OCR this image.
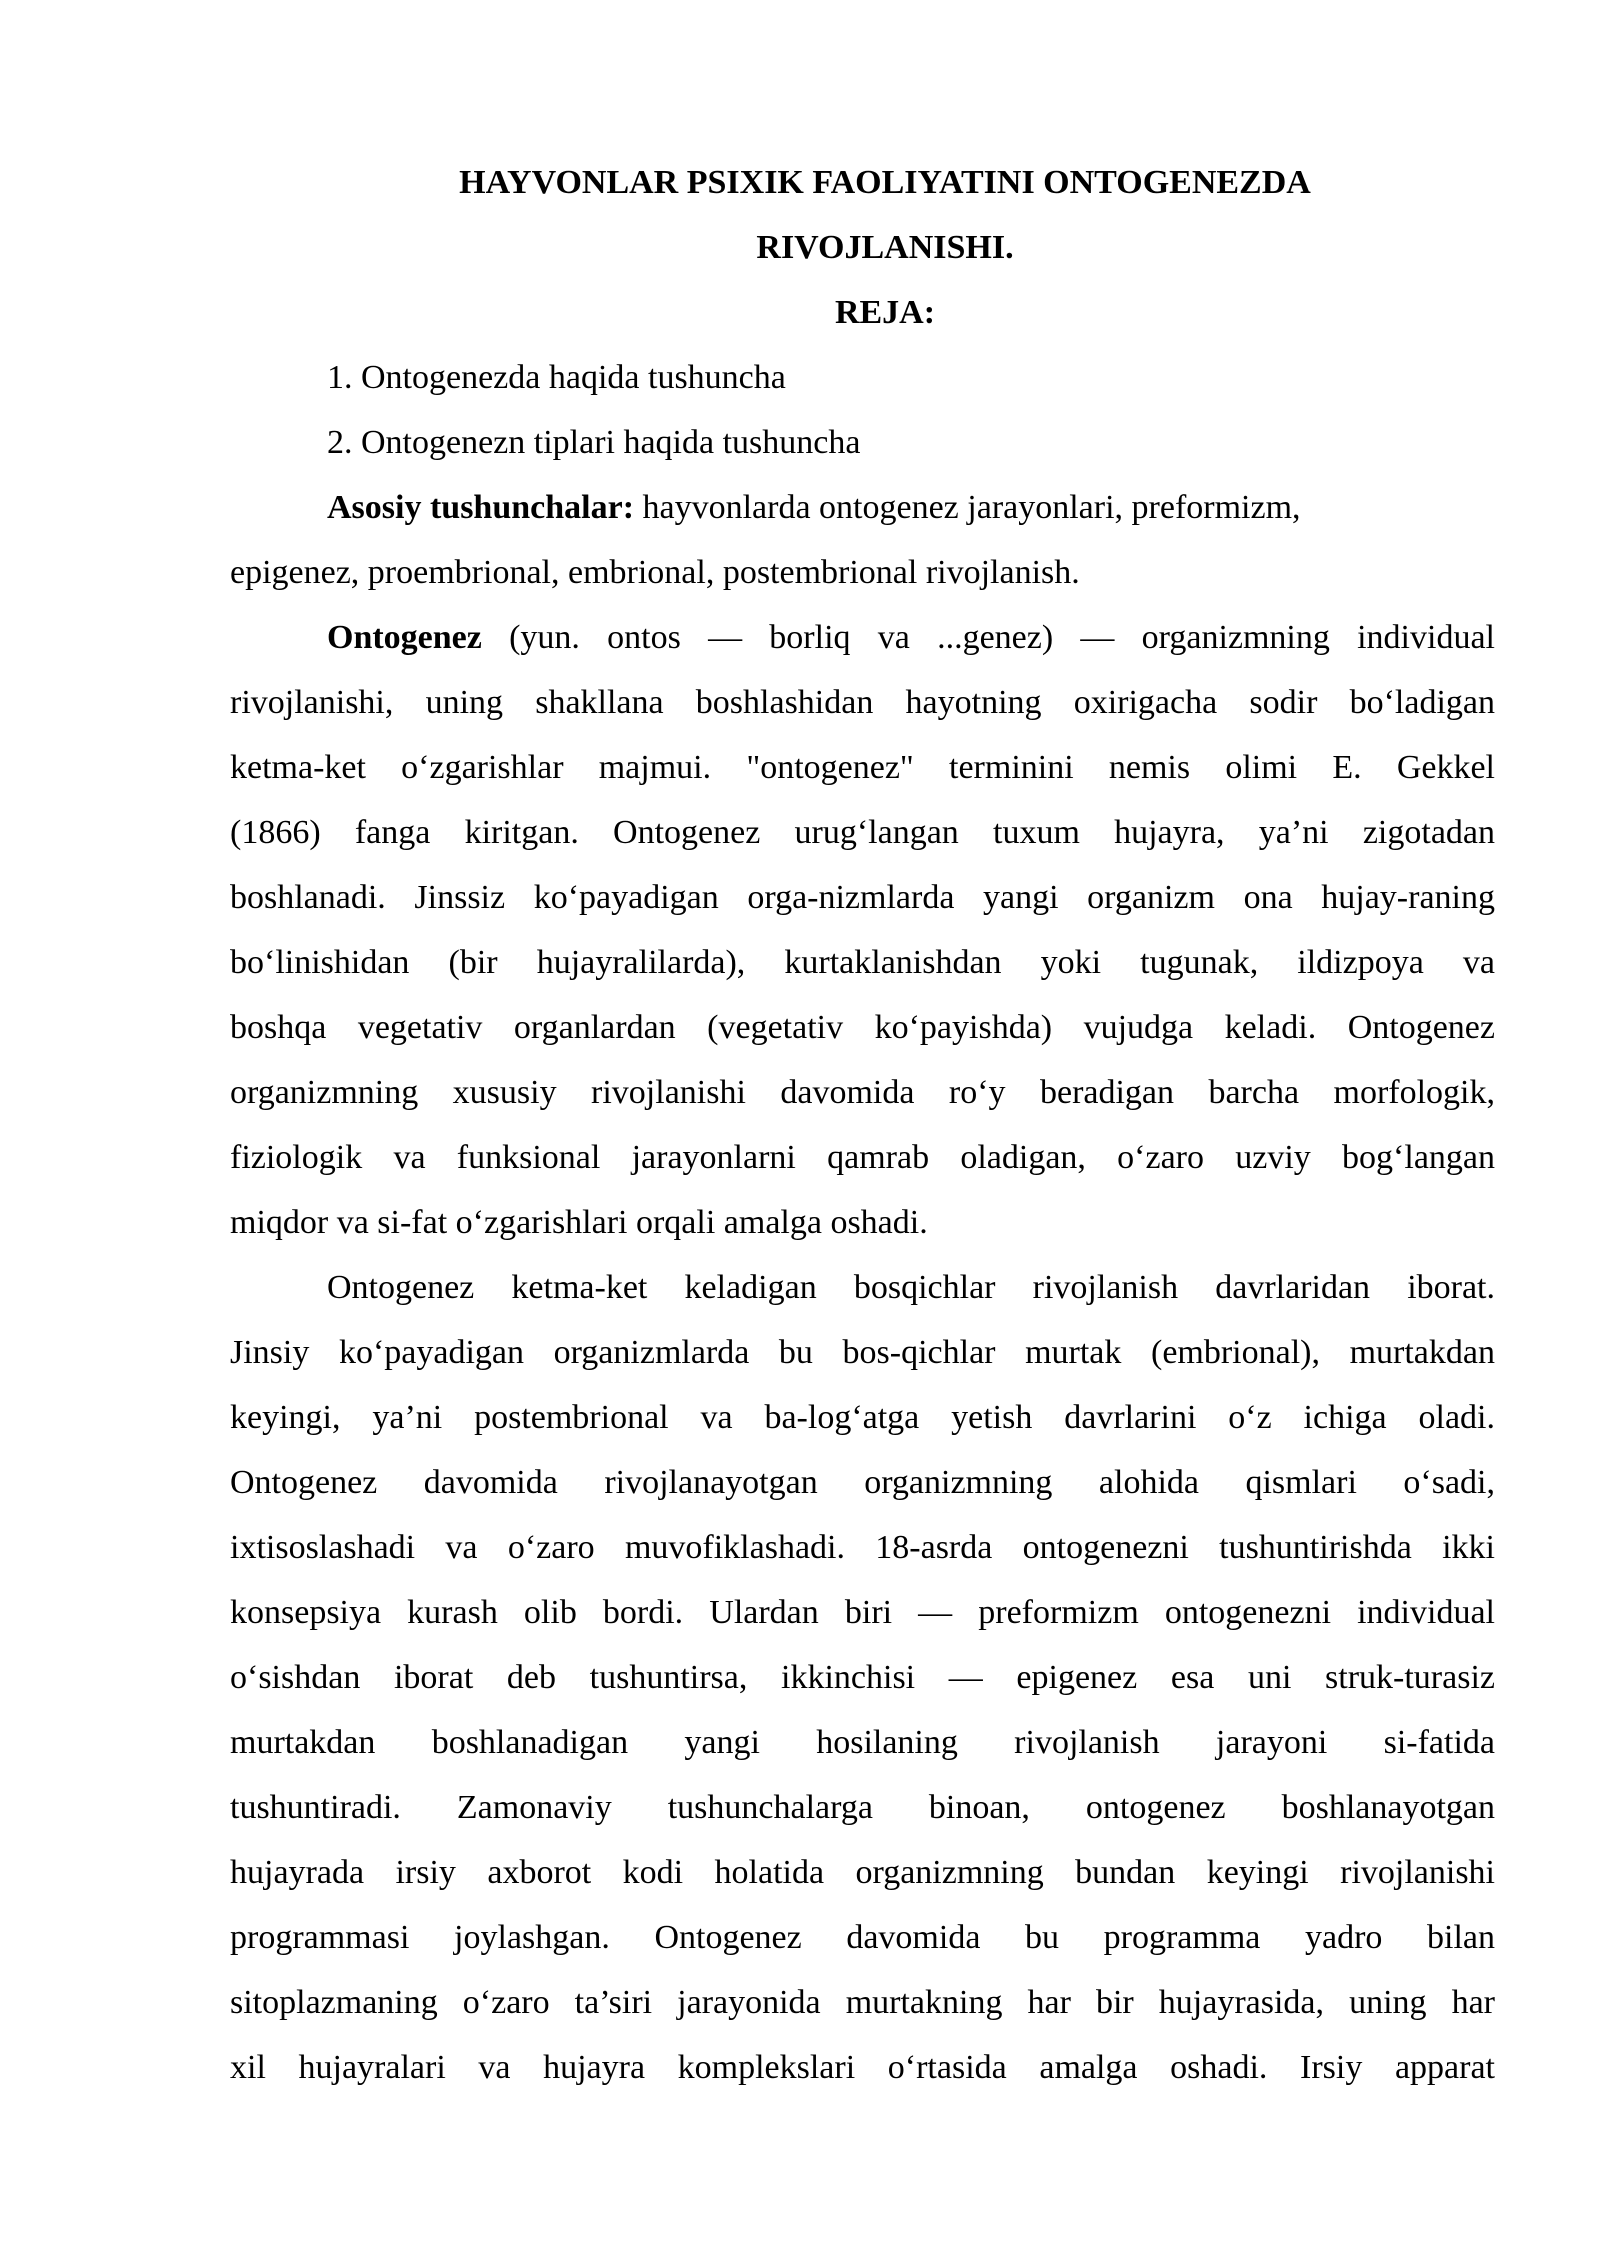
HAYVONLAR PSIXIK FAOLIYATINI ONTOGENEZDA
RIVOJLANISHI.
REJA:
1. Ontogenezda haqida tushuncha
2. Ontogenezn tiplari haqida tushuncha
Asosiy tushunchalar: hayvonlarda ontogenez jarayonlari, preformizm,
epigenez, proembrional, embrional, postembrional rivojlanish.
Ontogenez (yun. ontos — borliq va ...genez) — organizmning individual
rivojlanishi, uning shakllana boshlashidan hayotning oxirigacha sodir bo‘ladigan
ketma-ket o‘zgarishlar majmui. "ontogenez" terminini nemis olimi E. Gekkel
(1866) fanga kiritgan. Ontogenez urug‘langan tuxum hujayra, ya’ni zigotadan
boshlanadi. Jinssiz ko‘payadigan orga-nizmlarda yangi organizm ona hujay-raning
bo‘linishidan (bir hujayralilarda), kurtaklanishdan yoki tugunak, ildizpoya va
boshqa vegetativ organlardan (vegetativ ko‘payishda) vujudga keladi. Ontogenez
organizmning xususiy rivojlanishi davomida ro‘y beradigan barcha morfologik,
fiziologik va funksional jarayonlarni qamrab oladigan, o‘zaro uzviy bog‘langan
miqdor va si-fat o‘zgarishlari orqali amalga oshadi.
Ontogenez ketma-ket keladigan bosqichlar rivojlanish davrlaridan iborat.
Jinsiy ko‘payadigan organizmlarda bu bos-qichlar murtak (embrional), murtakdan
keyingi, ya’ni postembrional va ba-log‘atga yetish davrlarini o‘z ichiga oladi.
Ontogenez davomida rivojlanayotgan organizmning alohida qismlari o‘sadi,
ixtisoslashadi va o‘zaro muvofiklashadi. 18-asrda ontogenezni tushuntirishda ikki
konsepsiya kurash olib bordi. Ulardan biri — preformizm ontogenezni individual
o‘sishdan iborat deb tushuntirsa, ikkinchisi — epigenez esa uni struk-turasiz
murtakdan boshlanadigan yangi hosilaning rivojlanish jarayoni si-fatida
tushuntiradi. Zamonaviy tushunchalarga binoan, ontogenez boshlanayotgan
hujayrada irsiy axborot kodi holatida organizmning bundan keyingi rivojlanishi
programmasi joylashgan. Ontogenez davomida bu programma yadro bilan
sitoplazmaning o‘zaro ta’siri jarayonida murtakning har bir hujayrasida, uning har
xil hujayralari va hujayra komplekslari o‘rtasida amalga oshadi. Irsiy apparat
